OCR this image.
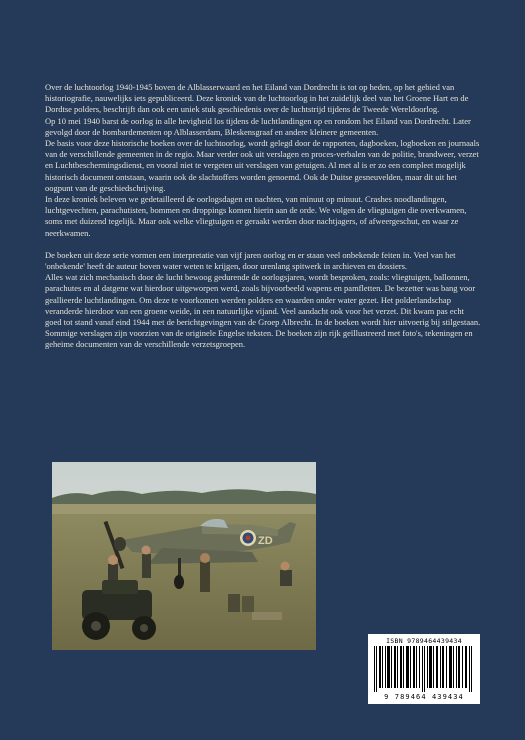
Over de luchtoorlog 1940-1945 boven de Alblasserwaard en het Eiland van Dordrecht is tot op heden, op het gebied van historiografie, nauwelijks iets gepubliceerd. Deze kroniek van de luchtoorlog in het zuidelijk deel van het Groene Hart en de Dordtse polders, beschrijft dan ook een uniek stuk geschiedenis over de luchtstrijd tijdens de Tweede Wereldoorlog.

Op 10 mei 1940 barst de oorlog in alle hevigheid los tijdens de luchtlandingen op en rondom het Eiland van Dordrecht. Later gevolgd door de bombardementen op Alblasserdam, Bleskensgraaf en andere kleinere gemeenten.

De basis voor deze historische boeken over de luchtoorlog, wordt gelegd door de rapporten, dagboeken, logboeken en journaals van de verschillende gemeenten in de regio. Maar verder ook uit verslagen en proces-verbalen van de politie, brandweer, verzet en Luchtbeschermingsdienst, en vooral niet te vergeten uit verslagen van getuigen. Al met al is er zo een compleet mogelijk historisch document ontstaan, waarin ook de slachtoffers worden genoemd. Ook de Duitse gesneuvelden, maar dit uit het oogpunt van de geschiedschrijving.

In deze kroniek beleven we gedetailleerd de oorlogsdagen en nachten, van minuut op minuut. Crashes noodlandingen, luchtgevechten, parachutisten, bommen en droppings komen hierin aan de orde. We volgen de vliegtuigen die overkwamen, soms met duizend tegelijk. Maar ook welke vliegtuigen er geraakt werden door nachtjagers, of afweergeschut, en waar ze neerkwamen.

De boeken uit deze serie vormen een interpretatie van vijf jaren oorlog en er staan veel onbekende feiten in. Veel van het 'onbekende' heeft de auteur boven water weten te krijgen, door urenlang spitwerk in archieven en dossiers.

Alles wat zich mechanisch door de lucht bewoog gedurende de oorlogsjaren, wordt besproken, zoals: vliegtuigen, ballonnen, parachutes en al datgene wat hierdoor uitgeworpen werd, zoals bijvoorbeeld wapens en pamfletten. De bezetter was bang voor geallieerde luchtlandingen. Om deze te voorkomen werden polders en waarden onder water gezet. Het polderlandschap veranderde hierdoor van een groene weide, in een natuurlijke vijand. Veel aandacht ook voor het verzet. Dit kwam pas echt goed tot stand vanaf eind 1944 met de berichtgevingen van de Groep Albrecht. In de boeken wordt hier uitvoerig bij stilgestaan.

Sommige verslagen zijn voorzien van de originele Engelse teksten. De boeken zijn rijk geïllustreerd met foto's, tekeningen en geheime documenten van de verschillende verzetsgroepen.

ZD
ISBN 9789464439434
9 789464 439434
